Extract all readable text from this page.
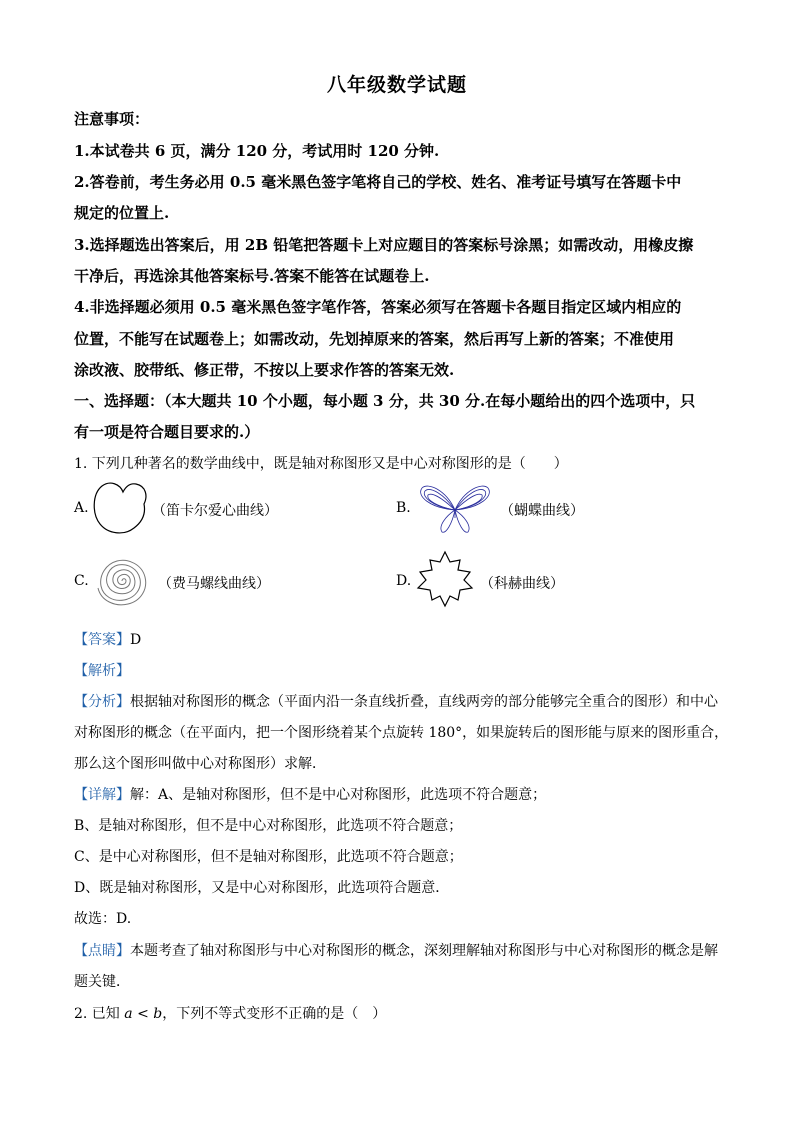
八年级数学试题
注意事项：
1.本试卷共 6 页，满分 120 分，考试用时 120 分钟.
2.答卷前，考生务必用 0.5 毫米黑色签字笔将自己的学校、姓名、准考证号填写在答题卡中
规定的位置上.
3.选择题选出答案后，用 2B 铅笔把答题卡上对应题目的答案标号涂黑；如需改动，用橡皮擦
干净后，再选涂其他答案标号.答案不能答在试题卷上.
4.非选择题必须用 0.5 毫米黑色签字笔作答，答案必须写在答题卡各题目指定区域内相应的
位置，不能写在试题卷上；如需改动，先划掉原来的答案，然后再写上新的答案；不准使用
涂改液、胶带纸、修正带，不按以上要求作答的答案无效.
一、选择题：（本大题共 10 个小题，每小题 3 分，共 30 分.在每小题给出的四个选项中，只
有一项是符合题目要求的.）
1. 下列几种著名的数学曲线中，既是轴对称图形又是中心对称图形的是（　　）
A.	（笛卡尔爱心曲线）	B.	（蝴蝶曲线）
C.	（费马螺线曲线）	D.	（科赫曲线）
【答案】D
【解析】
【分析】根据轴对称图形的概念（平面内沿一条直线折叠，直线两旁的部分能够完全重合的图形）和中心
对称图形的概念（在平面内，把一个图形绕着某个点旋转 180°，如果旋转后的图形能与原来的图形重合，
那么这个图形叫做中心对称图形）求解．
【详解】解：A、是轴对称图形，但不是中心对称图形，此选项不符合题意；
B、是轴对称图形，但不是中心对称图形，此选项不符合题意；
C、是中心对称图形，但不是轴对称图形，此选项不符合题意；
D、既是轴对称图形，又是中心对称图形，此选项符合题意．
故选：D.
【点睛】本题考查了轴对称图形与中心对称图形的概念，深刻理解轴对称图形与中心对称图形的概念是解
题关键．
2. 已知 a < b，下列不等式变形不正确的是（　）
